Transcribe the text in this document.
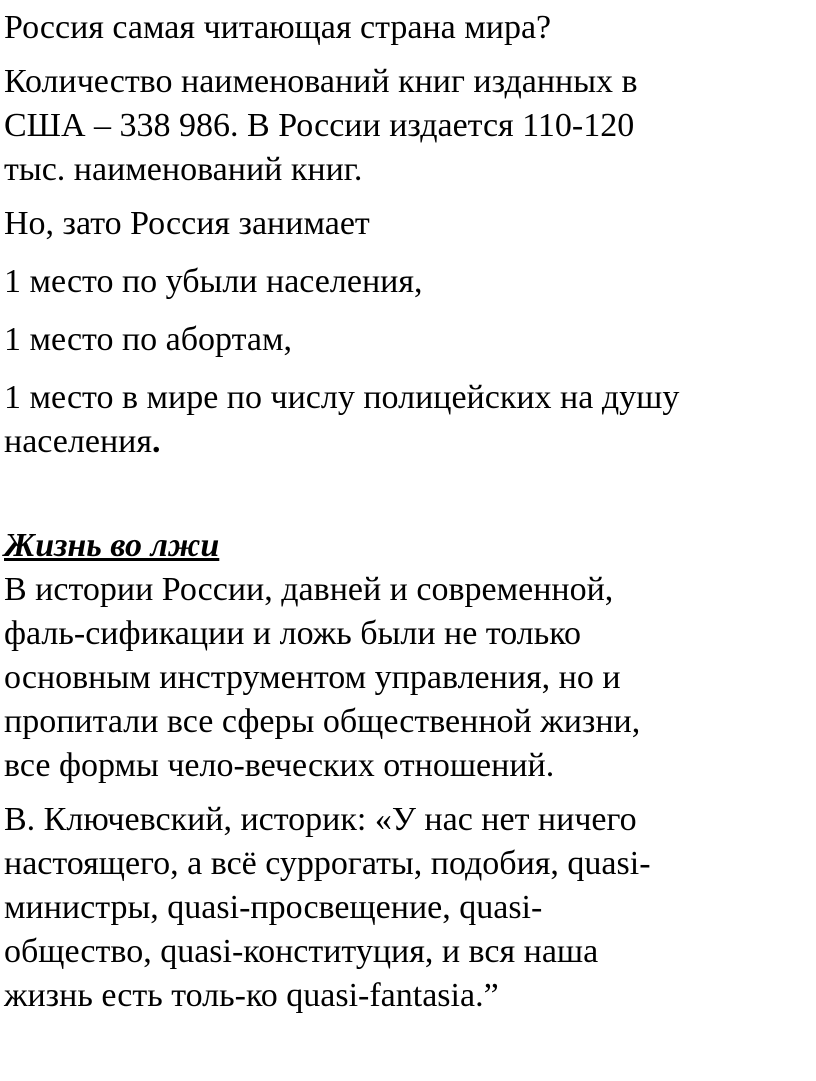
Россия самая читающая страна мира?
Количество наименований книг изданных в
США – 338 986. В России издается 110-120
тыс. наименований книг.
Но, зато Россия занимает
1 место по убыли населения,
1 место по абортам,
1 место в мире по числу полицейских на душу
населения.
Жизнь во лжи
В истории России, давней и современной,
фаль-сификации и ложь были не только
основным инструментом управления, но и
пропитали все сферы общественной жизни,
все формы чело-веческих отношений.
В. Ключевский, историк: «У нас нет ничего
настоящего, а всё суррогаты, подобия, quasi-
министры, quasi-просвещение, quasi-
общество, quasi-конституция, и вся наша
жизнь есть толь-ко quasi-fantasia.”
